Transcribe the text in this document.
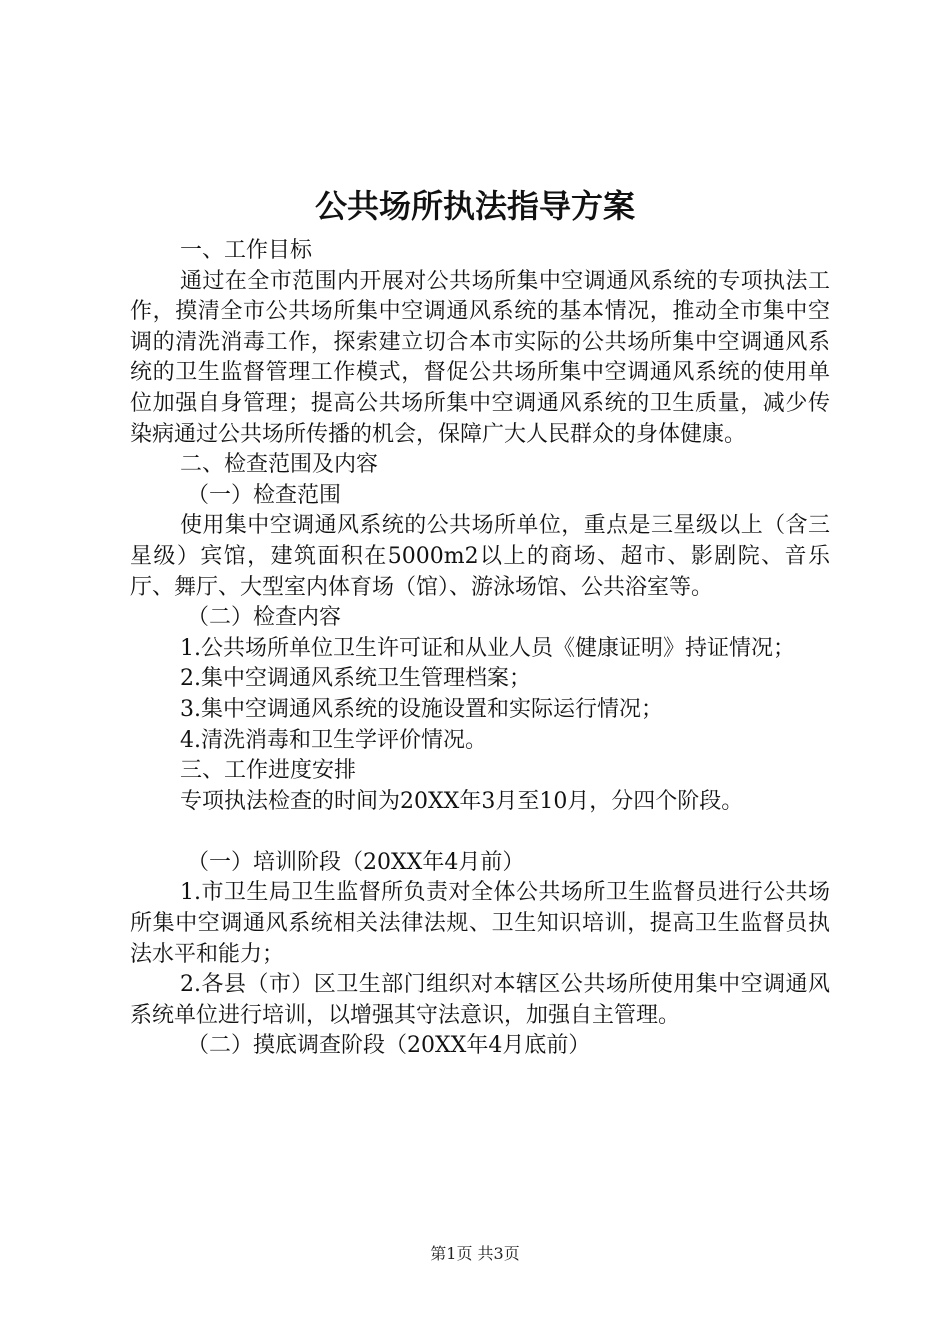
公共场所执法指导方案

一、工作目标

通过在全市范围内开展对公共场所集中空调通风系统的专项执法工作，摸清全市公共场所集中空调通风系统的基本情况，推动全市集中空调的清洗消毒工作，探索建立切合本市实际的公共场所集中空调通风系统的卫生监督管理工作模式，督促公共场所集中空调通风系统的使用单位加强自身管理；提高公共场所集中空调通风系统的卫生质量，减少传染病通过公共场所传播的机会，保障广大人民群众的身体健康。

二、检查范围及内容

（一）检查范围

使用集中空调通风系统的公共场所单位，重点是三星级以上（含三星级）宾馆，建筑面积在5000m2以上的商场、超市、影剧院、音乐厅、舞厅、大型室内体育场（馆）、游泳场馆、公共浴室等。

（二）检查内容

1.公共场所单位卫生许可证和从业人员《健康证明》持证情况；

2.集中空调通风系统卫生管理档案；

3.集中空调通风系统的设施设置和实际运行情况；

4.清洗消毒和卫生学评价情况。

三、工作进度安排

专项执法检查的时间为20XX年3月至10月，分四个阶段。

（一）培训阶段（20XX年4月前）

1.市卫生局卫生监督所负责对全体公共场所卫生监督员进行公共场所集中空调通风系统相关法律法规、卫生知识培训，提高卫生监督员执法水平和能力；

2.各县（市）区卫生部门组织对本辖区公共场所使用集中空调通风系统单位进行培训，以增强其守法意识，加强自主管理。

（二）摸底调查阶段（20XX年4月底前）

第1页 共3页
